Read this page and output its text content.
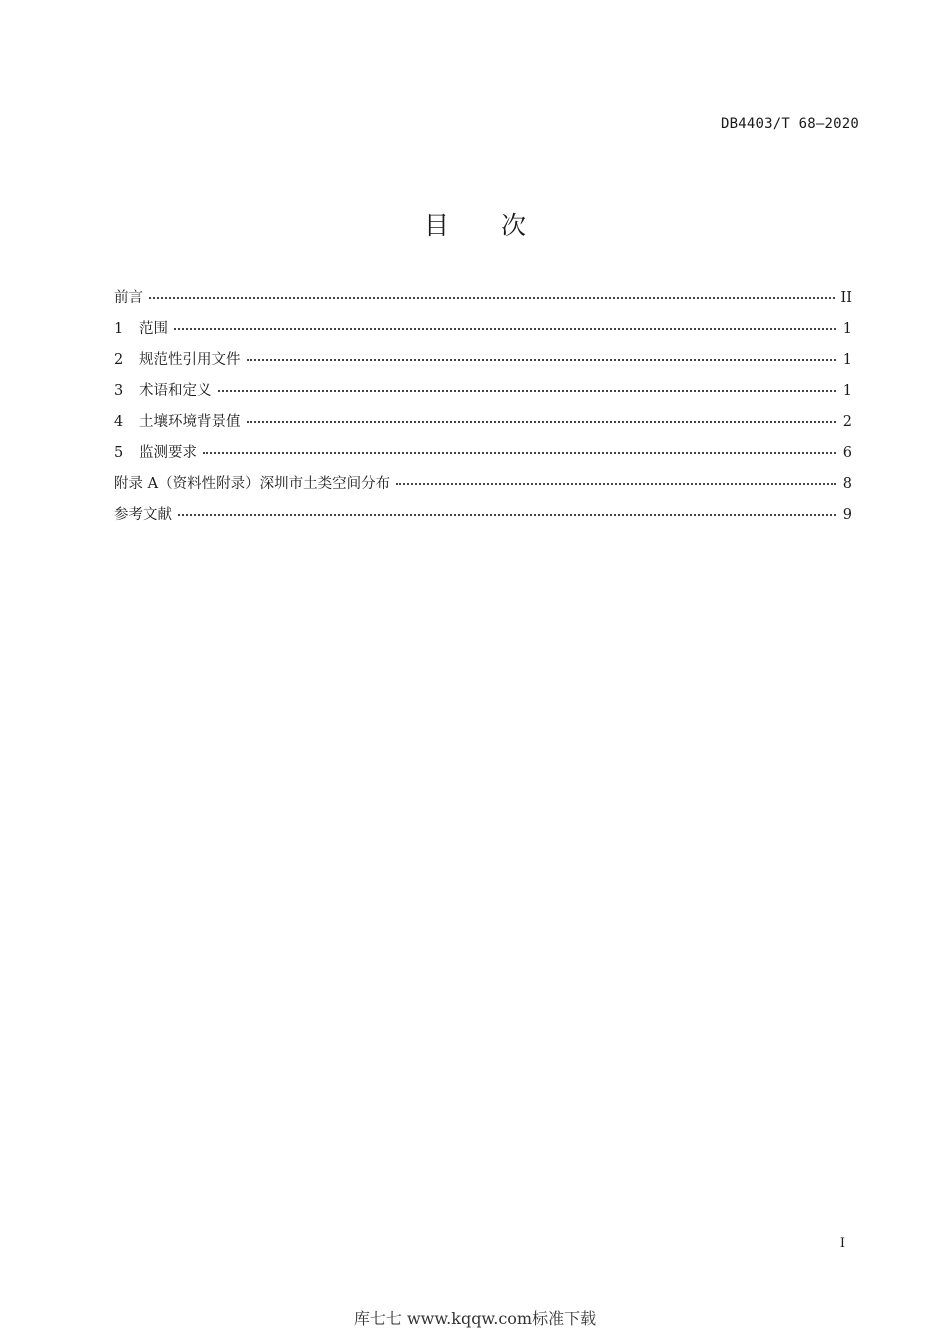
DB4403/T 68—2020
目 次
前言	II
1	范围	1
2	规范性引用文件	1
3	术语和定义	1
4	土壤环境背景值	2
5	监测要求	6
附录 A（资料性附录）深圳市土类空间分布	8
参考文献	9
I
库七七 www.kqqw.com标准下载
